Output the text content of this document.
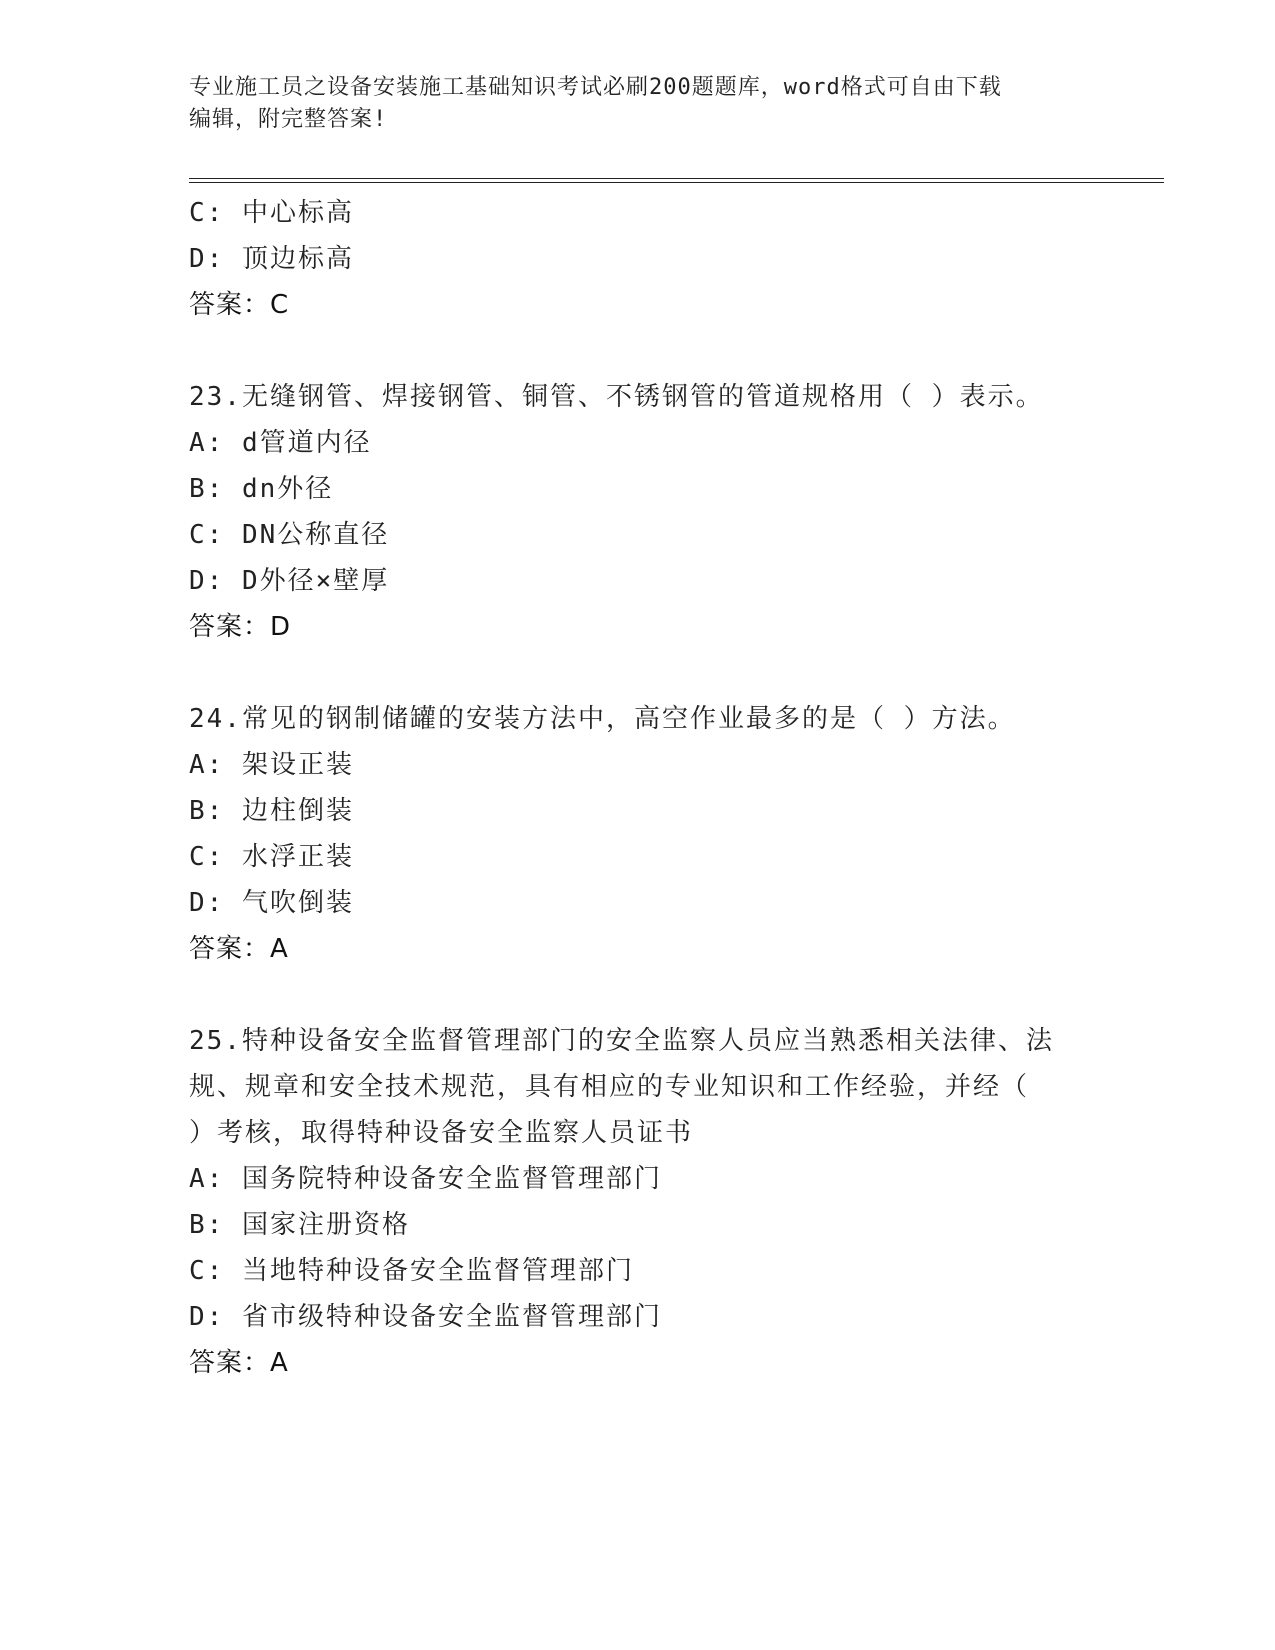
专业施工员之设备安装施工基础知识考试必刷200题题库，word格式可自由下载
编辑，附完整答案!
C: 中心标高
D: 顶边标高
答案：C
23.无缝钢管、焊接钢管、铜管、不锈钢管的管道规格用（ ）表示。
A: d管道内径
B: dn外径
C: DN公称直径
D: D外径×壁厚
答案：D
24.常见的钢制储罐的安装方法中，高空作业最多的是（ ）方法。
A: 架设正装
B: 边柱倒装
C: 水浮正装
D: 气吹倒装
答案：A
25.特种设备安全监督管理部门的安全监察人员应当熟悉相关法律、法
规、规章和安全技术规范，具有相应的专业知识和工作经验，并经（
）考核，取得特种设备安全监察人员证书
A: 国务院特种设备安全监督管理部门
B: 国家注册资格
C: 当地特种设备安全监督管理部门
D: 省市级特种设备安全监督管理部门
答案：A
